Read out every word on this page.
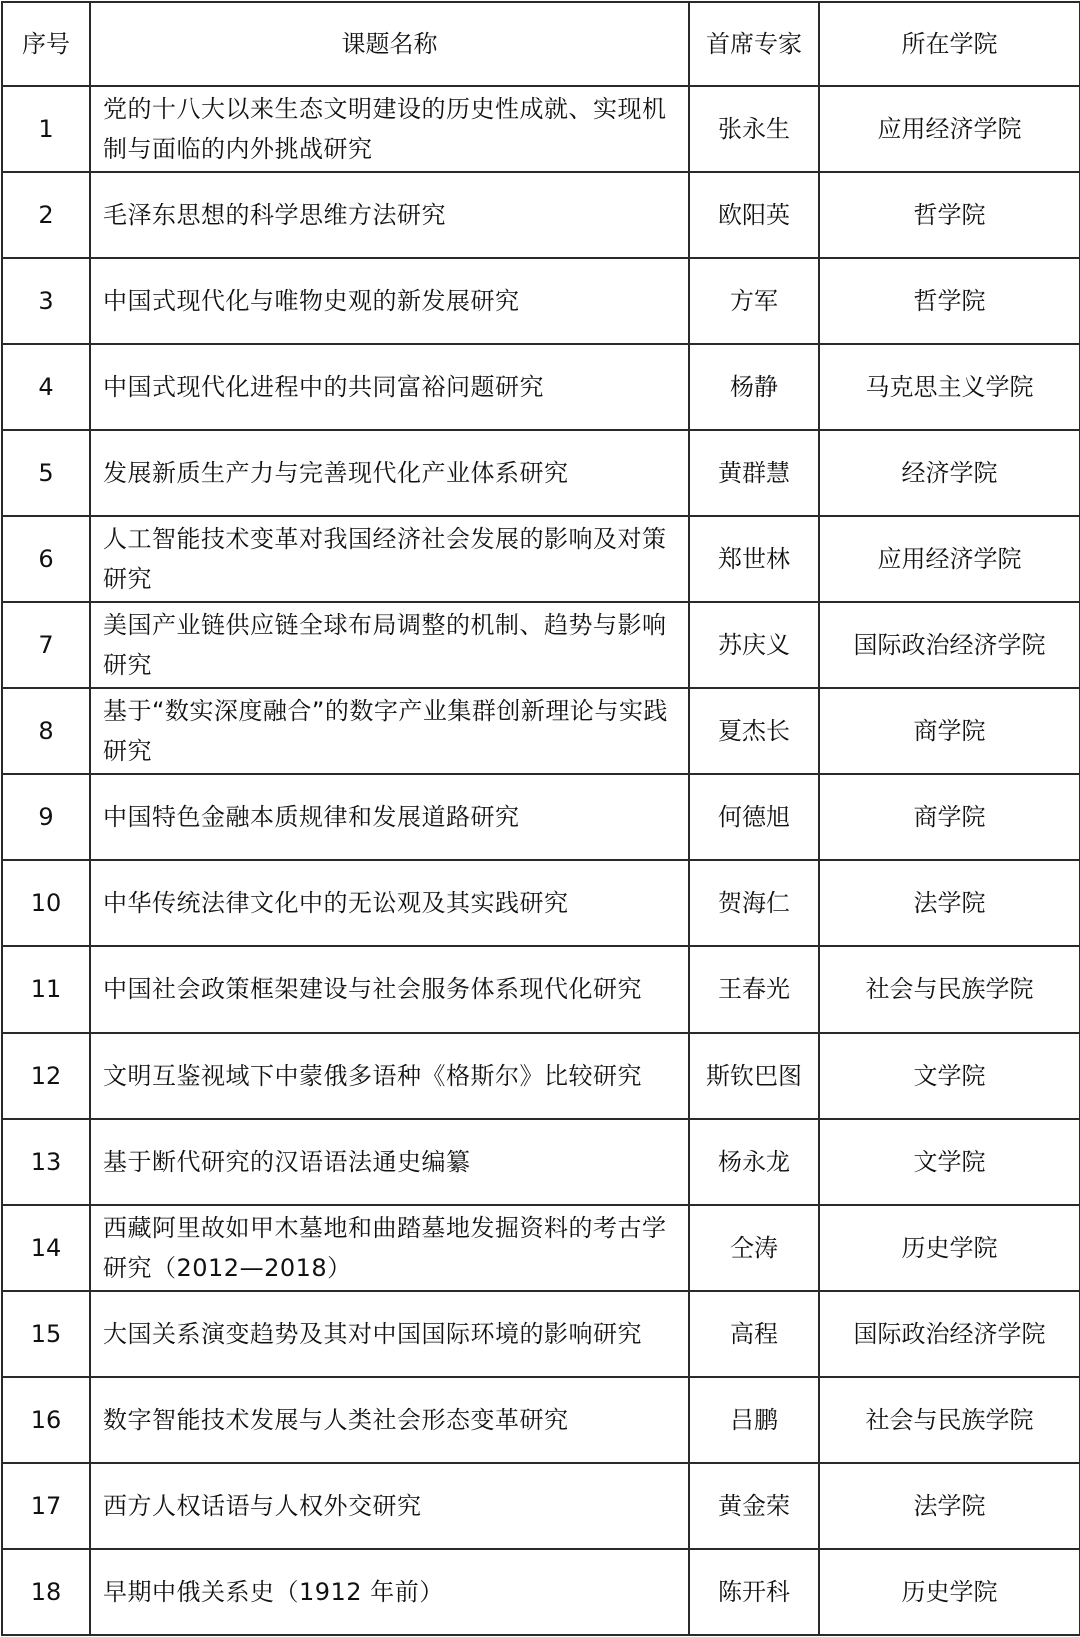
序号	课题名称	首席专家	所在学院
1	党的十八大以来生态文明建设的历史性成就、实现机制与面临的内外挑战研究	张永生	应用经济学院
2	毛泽东思想的科学思维方法研究	欧阳英	哲学院
3	中国式现代化与唯物史观的新发展研究	方军	哲学院
4	中国式现代化进程中的共同富裕问题研究	杨静	马克思主义学院
5	发展新质生产力与完善现代化产业体系研究	黄群慧	经济学院
6	人工智能技术变革对我国经济社会发展的影响及对策研究	郑世林	应用经济学院
7	美国产业链供应链全球布局调整的机制、趋势与影响研究	苏庆义	国际政治经济学院
8	基于“数实深度融合”的数字产业集群创新理论与实践研究	夏杰长	商学院
9	中国特色金融本质规律和发展道路研究	何德旭	商学院
10	中华传统法律文化中的无讼观及其实践研究	贺海仁	法学院
11	中国社会政策框架建设与社会服务体系现代化研究	王春光	社会与民族学院
12	文明互鉴视域下中蒙俄多语种《格斯尔》比较研究	斯钦巴图	文学院
13	基于断代研究的汉语语法通史编纂	杨永龙	文学院
14	西藏阿里故如甲木墓地和曲踏墓地发掘资料的考古学研究（2012—2018）	仝涛	历史学院
15	大国关系演变趋势及其对中国国际环境的影响研究	高程	国际政治经济学院
16	数字智能技术发展与人类社会形态变革研究	吕鹏	社会与民族学院
17	西方人权话语与人权外交研究	黄金荣	法学院
18	早期中俄关系史（1912 年前）	陈开科	历史学院
